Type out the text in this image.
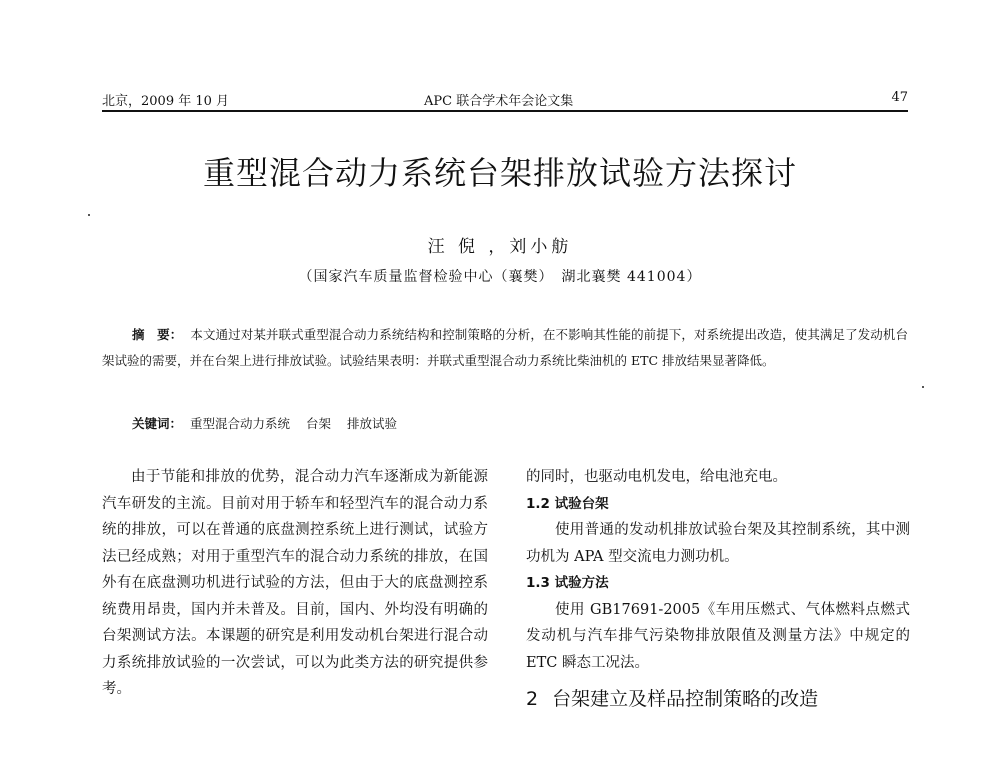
北京，2009 年 10 月	APC 联合学术年会论文集	47
重型混合动力系统台架排放试验方法探讨
汪 倪 ，刘小舫
（国家汽车质量监督检验中心（襄樊）　湖北襄樊 441004）
摘　要： 本文通过对某并联式重型混合动力系统结构和控制策略的分析，在不影响其性能的前提下，对系统提出改造，使其满足了发动机台架试验的需要，并在台架上进行排放试验。试验结果表明：并联式重型混合动力系统比柴油机的 ETC 排放结果显著降低。
关键词： 重型混合动力系统 台架 排放试验

由于节能和排放的优势，混合动力汽车逐渐成为新能源汽车研发的主流。目前对用于轿车和轻型汽车的混合动力系统的排放，可以在普通的底盘测控系统上进行测试，试验方法已经成熟；对用于重型汽车的混合动力系统的排放，在国外有在底盘测功机进行试验的方法，但由于大的底盘测控系统费用昂贵，国内并未普及。目前，国内、外均没有明确的台架测试方法。本课题的研究是利用发动机台架进行混合动力系统排放试验的一次尝试，可以为此类方法的研究提供参考。

的同时，也驱动电机发电，给电池充电。

1.2 试验台架

使用普通的发动机排放试验台架及其控制系统，其中测功机为 APA 型交流电力测功机。

1.3 试验方法

使用 GB17691-2005《车用压燃式、气体燃料点燃式发动机与汽车排气污染物排放限值及测量方法》中规定的 ETC 瞬态工况法。

2 台架建立及样品控制策略的改造
